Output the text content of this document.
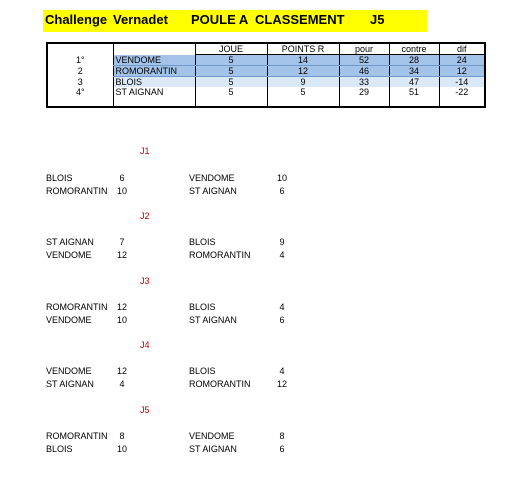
Challenge Vernadet POULE A CLASSEMENT J5
		JOUE	POINTS R	pour	contre	dif
1°	VENDOME	5	14	52	28	24
2	ROMORANTIN	5	12	46	34	12
3	BLOIS	5	9	33	47	-14
4°	ST AIGNAN	5	5	29	51	-22
J1
BLOIS	6	VENDOME	10
ROMORANTIN	10	ST AIGNAN	6
J2
ST AIGNAN	7	BLOIS	9
VENDOME	12	ROMORANTIN	4
J3
ROMORANTIN	12	BLOIS	4
VENDOME	10	ST AIGNAN	6
J4
VENDOME	12	BLOIS	4
ST AIGNAN	4	ROMORANTIN	12
J5
ROMORANTIN	8	VENDOME	8
BLOIS	10	ST AIGNAN	6
